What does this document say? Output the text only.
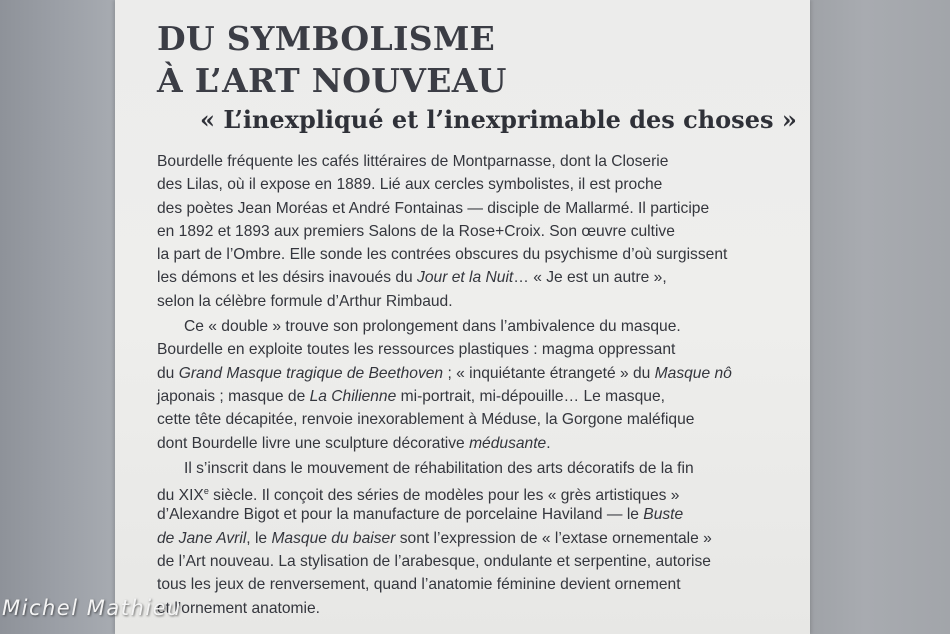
DU SYMBOLISME
À L’ART NOUVEAU
« L’inexpliqué et l’inexprimable des choses »
Bourdelle fréquente les cafés littéraires de Montparnasse, dont la Closerie
des Lilas, où il expose en 1889. Lié aux cercles symbolistes, il est proche
des poètes Jean Moréas et André Fontainas — disciple de Mallarmé. Il participe
en 1892 et 1893 aux premiers Salons de la Rose+Croix. Son œuvre cultive
la part de l’Ombre. Elle sonde les contrées obscures du psychisme d’où surgissent
les démons et les désirs inavoués du Jour et la Nuit… « Je est un autre »,
selon la célèbre formule d’Arthur Rimbaud.
Ce « double » trouve son prolongement dans l’ambivalence du masque.
Bourdelle en exploite toutes les ressources plastiques : magma oppressant
du Grand Masque tragique de Beethoven ; « inquiétante étrangeté » du Masque nô
japonais ; masque de La Chilienne mi-portrait, mi-dépouille… Le masque,
cette tête décapitée, renvoie inexorablement à Méduse, la Gorgone maléfique
dont Bourdelle livre une sculpture décorative médusante.
Il s’inscrit dans le mouvement de réhabilitation des arts décoratifs de la fin
du XIXe siècle. Il conçoit des séries de modèles pour les « grès artistiques »
d’Alexandre Bigot et pour la manufacture de porcelaine Haviland — le Buste
de Jane Avril, le Masque du baiser sont l’expression de « l’extase ornementale »
de l’Art nouveau. La stylisation de l’arabesque, ondulante et serpentine, autorise
tous les jeux de renversement, quand l’anatomie féminine devient ornement
et l’ornement anatomie.
Michel Mathieu
